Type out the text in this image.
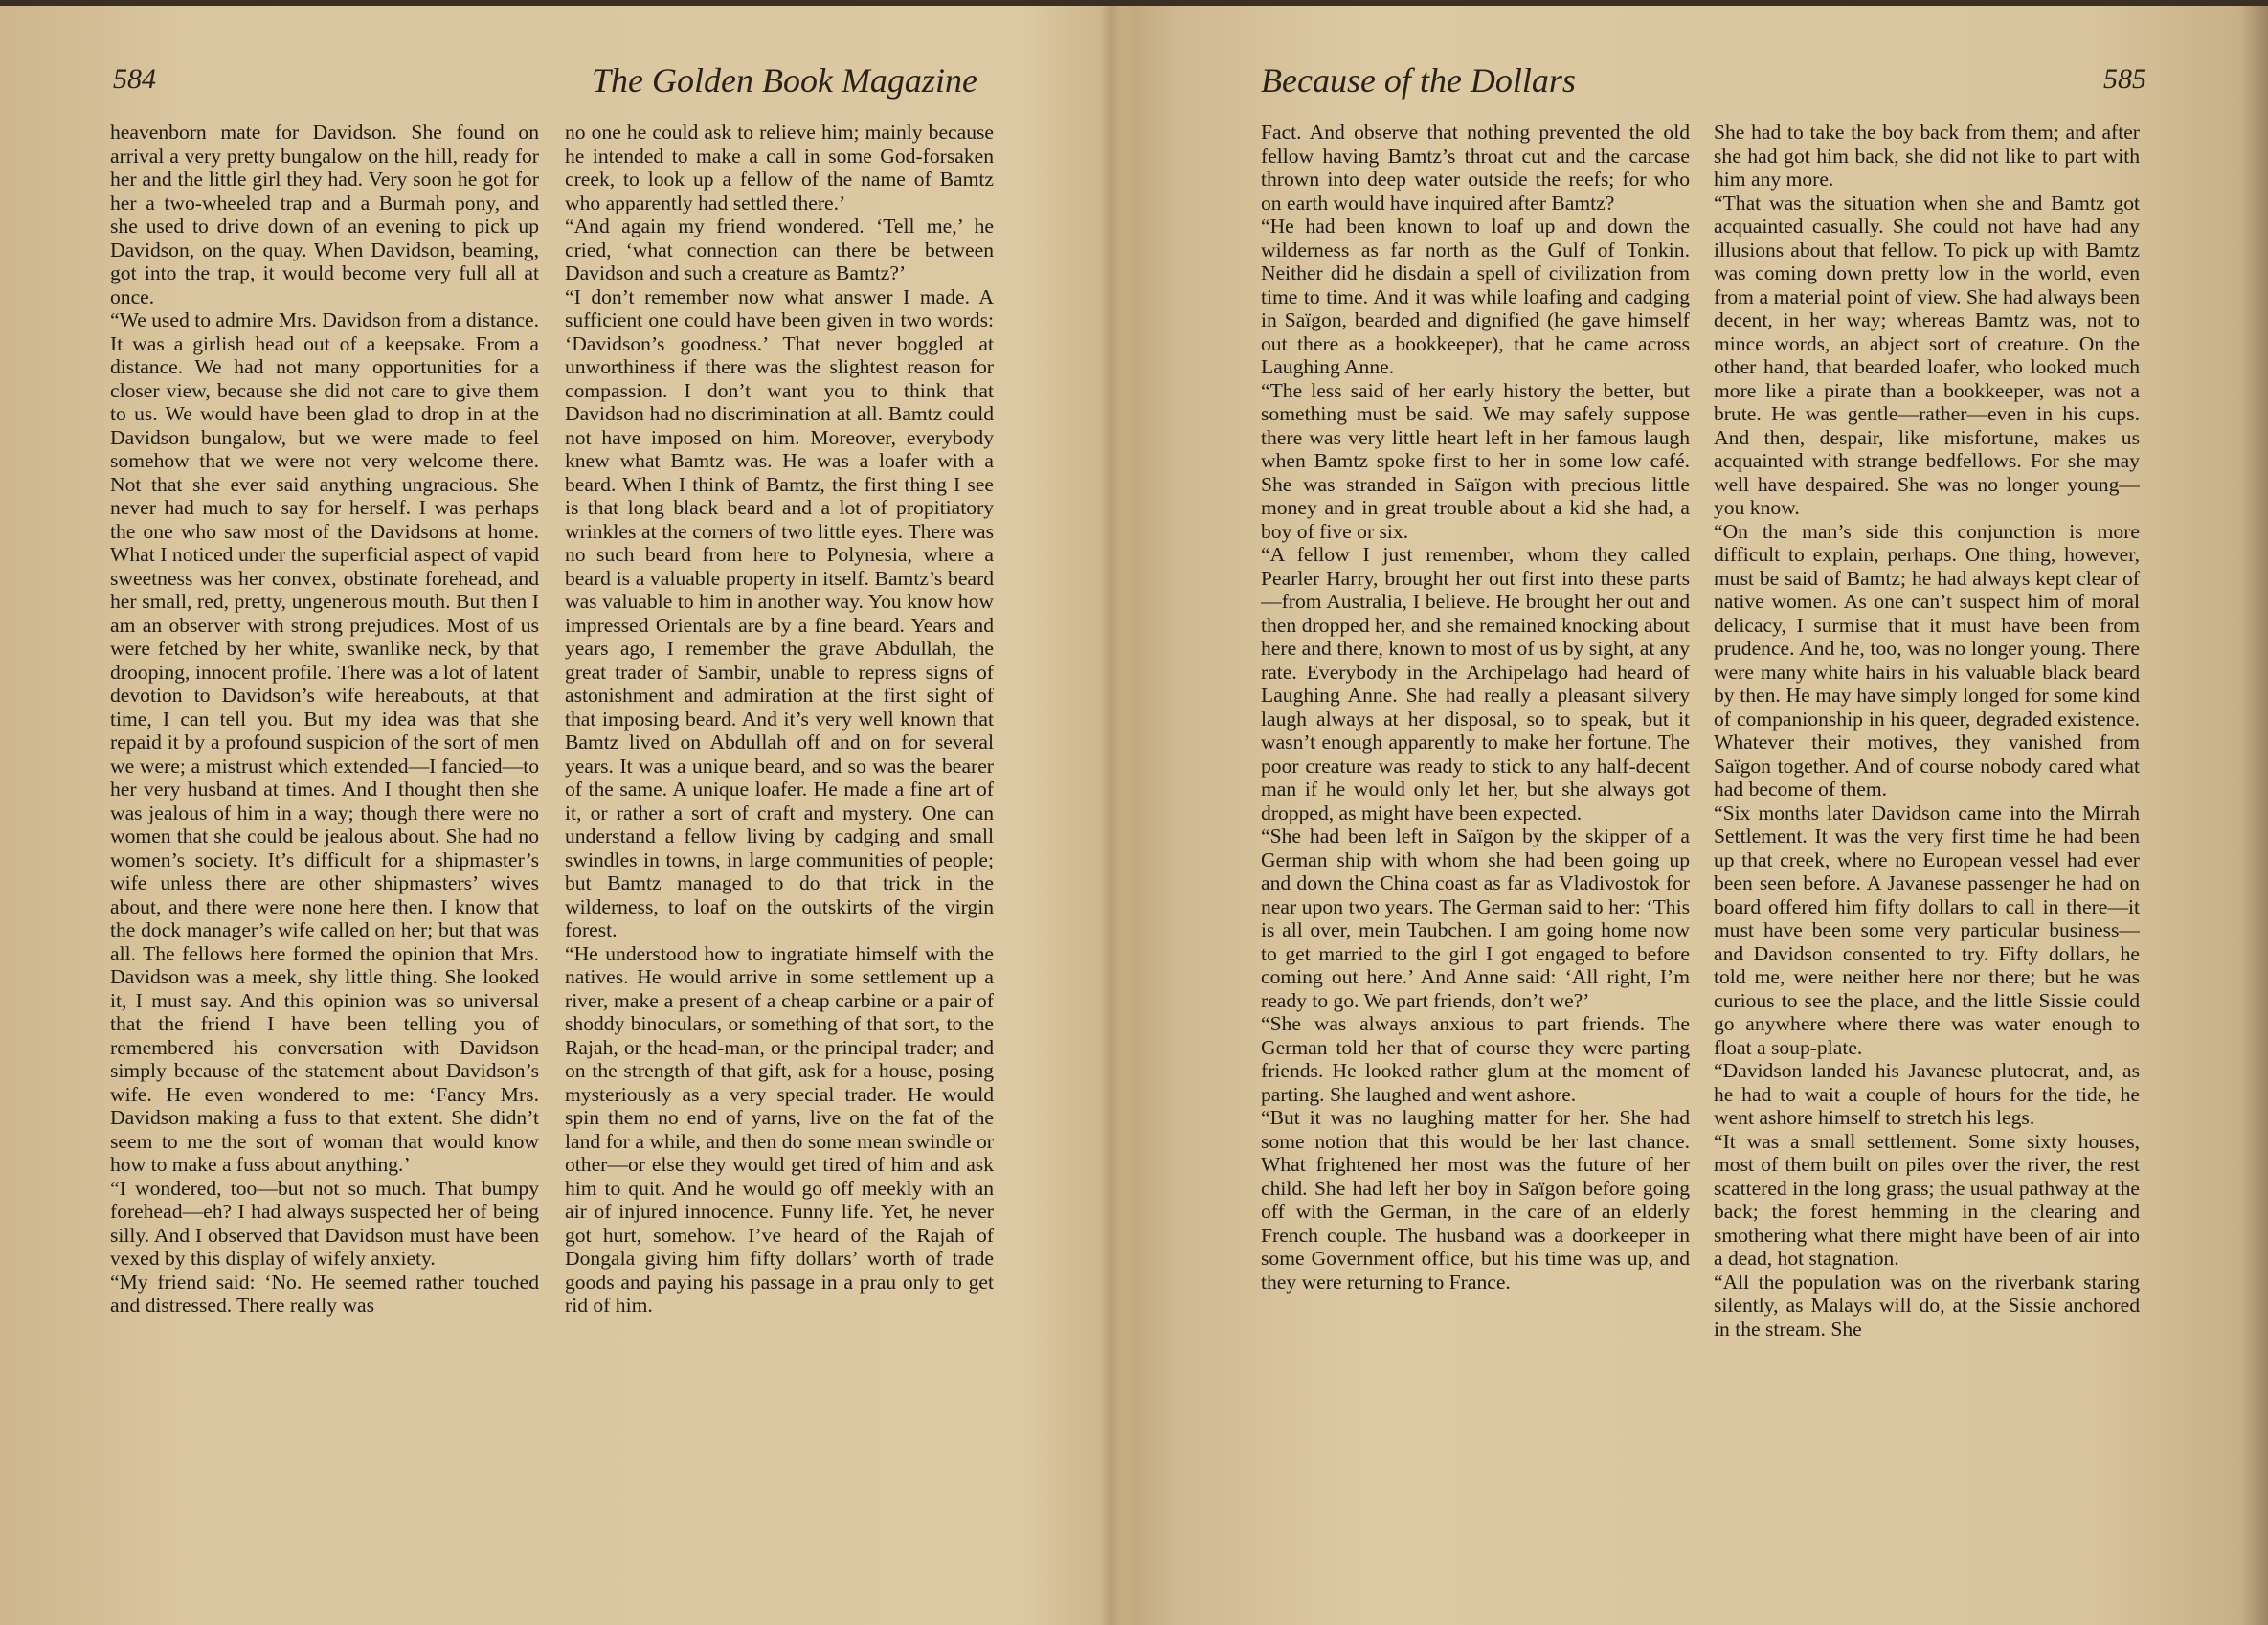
584	The Golden Book Magazine

heavenborn mate for Davidson. She found on arrival a very pretty bungalow on the hill, ready for her and the little girl they had. Very soon he got for her a two-wheeled trap and a Burmah pony, and she used to drive down of an evening to pick up Davidson, on the quay. When Davidson, beaming, got into the trap, it would become very full all at once.

“We used to admire Mrs. Davidson from a distance. It was a girlish head out of a keepsake. From a distance. We had not many opportunities for a closer view, because she did not care to give them to us. We would have been glad to drop in at the Davidson bungalow, but we were made to feel somehow that we were not very welcome there. Not that she ever said anything ungracious. She never had much to say for herself. I was perhaps the one who saw most of the Davidsons at home. What I noticed under the superficial aspect of vapid sweetness was her convex, obstinate forehead, and her small, red, pretty, ungenerous mouth. But then I am an observer with strong prejudices. Most of us were fetched by her white, swanlike neck, by that drooping, innocent profile. There was a lot of latent devotion to Davidson’s wife hereabouts, at that time, I can tell you. But my idea was that she repaid it by a profound suspicion of the sort of men we were; a mistrust which extended—I fancied—to her very husband at times. And I thought then she was jealous of him in a way; though there were no women that she could be jealous about. She had no women’s society. It’s difficult for a shipmaster’s wife unless there are other shipmasters’ wives about, and there were none here then. I know that the dock manager’s wife called on her; but that was all. The fellows here formed the opinion that Mrs. Davidson was a meek, shy little thing. She looked it, I must say. And this opinion was so universal that the friend I have been telling you of remembered his conversation with Davidson simply because of the statement about Davidson’s wife. He even wondered to me: ‘Fancy Mrs. Davidson making a fuss to that extent. She didn’t seem to me the sort of woman that would know how to make a fuss about anything.’

“I wondered, too—but not so much. That bumpy forehead—eh? I had always suspected her of being silly. And I observed that Davidson must have been vexed by this display of wifely anxiety.

“My friend said: ‘No. He seemed rather touched and distressed. There really was

no one he could ask to relieve him; mainly because he intended to make a call in some God-forsaken creek, to look up a fellow of the name of Bamtz who apparently had settled there.’

“And again my friend wondered. ‘Tell me,’ he cried, ‘what connection can there be between Davidson and such a creature as Bamtz?’

“I don’t remember now what answer I made. A sufficient one could have been given in two words: ‘Davidson’s goodness.’ That never boggled at unworthiness if there was the slightest reason for compassion. I don’t want you to think that Davidson had no discrimination at all. Bamtz could not have imposed on him. Moreover, everybody knew what Bamtz was. He was a loafer with a beard. When I think of Bamtz, the first thing I see is that long black beard and a lot of propitiatory wrinkles at the corners of two little eyes. There was no such beard from here to Polynesia, where a beard is a valuable property in itself. Bamtz’s beard was valuable to him in another way. You know how impressed Orientals are by a fine beard. Years and years ago, I remember the grave Abdullah, the great trader of Sambir, unable to repress signs of astonishment and admiration at the first sight of that imposing beard. And it’s very well known that Bamtz lived on Abdullah off and on for several years. It was a unique beard, and so was the bearer of the same. A unique loafer. He made a fine art of it, or rather a sort of craft and mystery. One can understand a fellow living by cadging and small swindles in towns, in large communities of people; but Bamtz managed to do that trick in the wilderness, to loaf on the outskirts of the virgin forest.

“He understood how to ingratiate himself with the natives. He would arrive in some settlement up a river, make a present of a cheap carbine or a pair of shoddy binoculars, or something of that sort, to the Rajah, or the head-man, or the principal trader; and on the strength of that gift, ask for a house, posing mysteriously as a very special trader. He would spin them no end of yarns, live on the fat of the land for a while, and then do some mean swindle or other—or else they would get tired of him and ask him to quit. And he would go off meekly with an air of injured innocence. Funny life. Yet, he never got hurt, somehow. I’ve heard of the Rajah of Dongala giving him fifty dollars’ worth of trade goods and paying his passage in a prau only to get rid of him.

Because of the Dollars	585

Fact. And observe that nothing prevented the old fellow having Bamtz’s throat cut and the carcase thrown into deep water outside the reefs; for who on earth would have inquired after Bamtz?

“He had been known to loaf up and down the wilderness as far north as the Gulf of Tonkin. Neither did he disdain a spell of civilization from time to time. And it was while loafing and cadging in Saïgon, bearded and dignified (he gave himself out there as a bookkeeper), that he came across Laughing Anne.

“The less said of her early history the better, but something must be said. We may safely suppose there was very little heart left in her famous laugh when Bamtz spoke first to her in some low café. She was stranded in Saïgon with precious little money and in great trouble about a kid she had, a boy of five or six.

“A fellow I just remember, whom they called Pearler Harry, brought her out first into these parts—from Australia, I believe. He brought her out and then dropped her, and she remained knocking about here and there, known to most of us by sight, at any rate. Everybody in the Archipelago had heard of Laughing Anne. She had really a pleasant silvery laugh always at her disposal, so to speak, but it wasn’t enough apparently to make her fortune. The poor creature was ready to stick to any half-decent man if he would only let her, but she always got dropped, as might have been expected.

“She had been left in Saïgon by the skipper of a German ship with whom she had been going up and down the China coast as far as Vladivostok for near upon two years. The German said to her: ‘This is all over, mein Taubchen. I am going home now to get married to the girl I got engaged to before coming out here.’ And Anne said: ‘All right, I’m ready to go. We part friends, don’t we?’

“She was always anxious to part friends. The German told her that of course they were parting friends. He looked rather glum at the moment of parting. She laughed and went ashore.

“But it was no laughing matter for her. She had some notion that this would be her last chance. What frightened her most was the future of her child. She had left her boy in Saïgon before going off with the German, in the care of an elderly French couple. The husband was a doorkeeper in some Government office, but his time was up, and they were returning to France.

She had to take the boy back from them; and after she had got him back, she did not like to part with him any more.

“That was the situation when she and Bamtz got acquainted casually. She could not have had any illusions about that fellow. To pick up with Bamtz was coming down pretty low in the world, even from a material point of view. She had always been decent, in her way; whereas Bamtz was, not to mince words, an abject sort of creature. On the other hand, that bearded loafer, who looked much more like a pirate than a bookkeeper, was not a brute. He was gentle—rather—even in his cups. And then, despair, like misfortune, makes us acquainted with strange bedfellows. For she may well have despaired. She was no longer young—you know.

“On the man’s side this conjunction is more difficult to explain, perhaps. One thing, however, must be said of Bamtz; he had always kept clear of native women. As one can’t suspect him of moral delicacy, I surmise that it must have been from prudence. And he, too, was no longer young. There were many white hairs in his valuable black beard by then. He may have simply longed for some kind of companionship in his queer, degraded existence. Whatever their motives, they vanished from Saïgon together. And of course nobody cared what had become of them.

“Six months later Davidson came into the Mirrah Settlement. It was the very first time he had been up that creek, where no European vessel had ever been seen before. A Javanese passenger he had on board offered him fifty dollars to call in there—it must have been some very particular business—and Davidson consented to try. Fifty dollars, he told me, were neither here nor there; but he was curious to see the place, and the little Sissie could go anywhere where there was water enough to float a soup-plate.

“Davidson landed his Javanese plutocrat, and, as he had to wait a couple of hours for the tide, he went ashore himself to stretch his legs.

“It was a small settlement. Some sixty houses, most of them built on piles over the river, the rest scattered in the long grass; the usual pathway at the back; the forest hemming in the clearing and smothering what there might have been of air into a dead, hot stagnation.

“All the population was on the riverbank staring silently, as Malays will do, at the Sissie anchored in the stream. She
